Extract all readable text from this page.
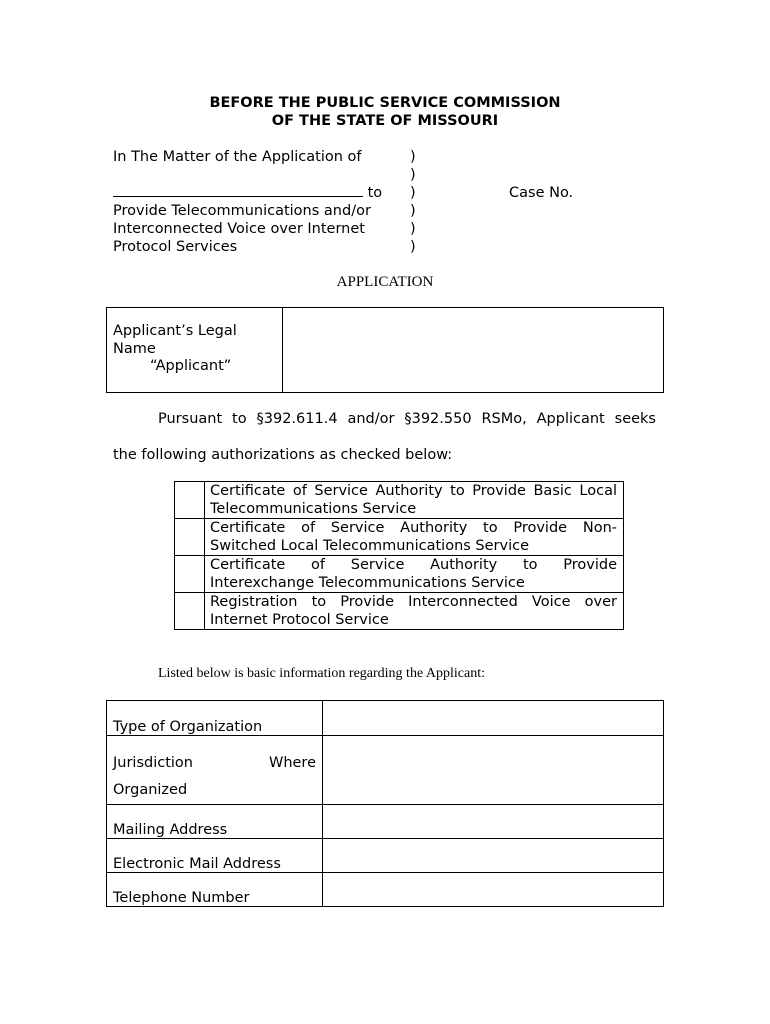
BEFORE THE PUBLIC SERVICE COMMISSION
OF THE STATE OF MISSOURI
In The Matter of the Application of
to
Provide Telecommunications and/or
Interconnected Voice over Internet
Protocol Services
)
)
)
)
)
)
Case No.
APPLICATION
Applicant’s Legal
Name
“Applicant”

Pursuant to §392.611.4 and/or §392.550 RSMo, Applicant seeks
the following authorizations as checked below:

	Certificate of Service Authority to Provide Basic Local
Telecommunications Service

	Certificate of Service Authority to Provide Non-
Switched Local Telecommunications Service

	Certificate of Service Authority to Provide
Interexchange Telecommunications Service

	Registration to Provide Interconnected Voice over
Internet Protocol Service
Listed below is basic information regarding the Applicant:
Type of Organization	

Jurisdiction Where
Organized	

Mailing Address	
Electronic Mail Address	
Telephone Number	
